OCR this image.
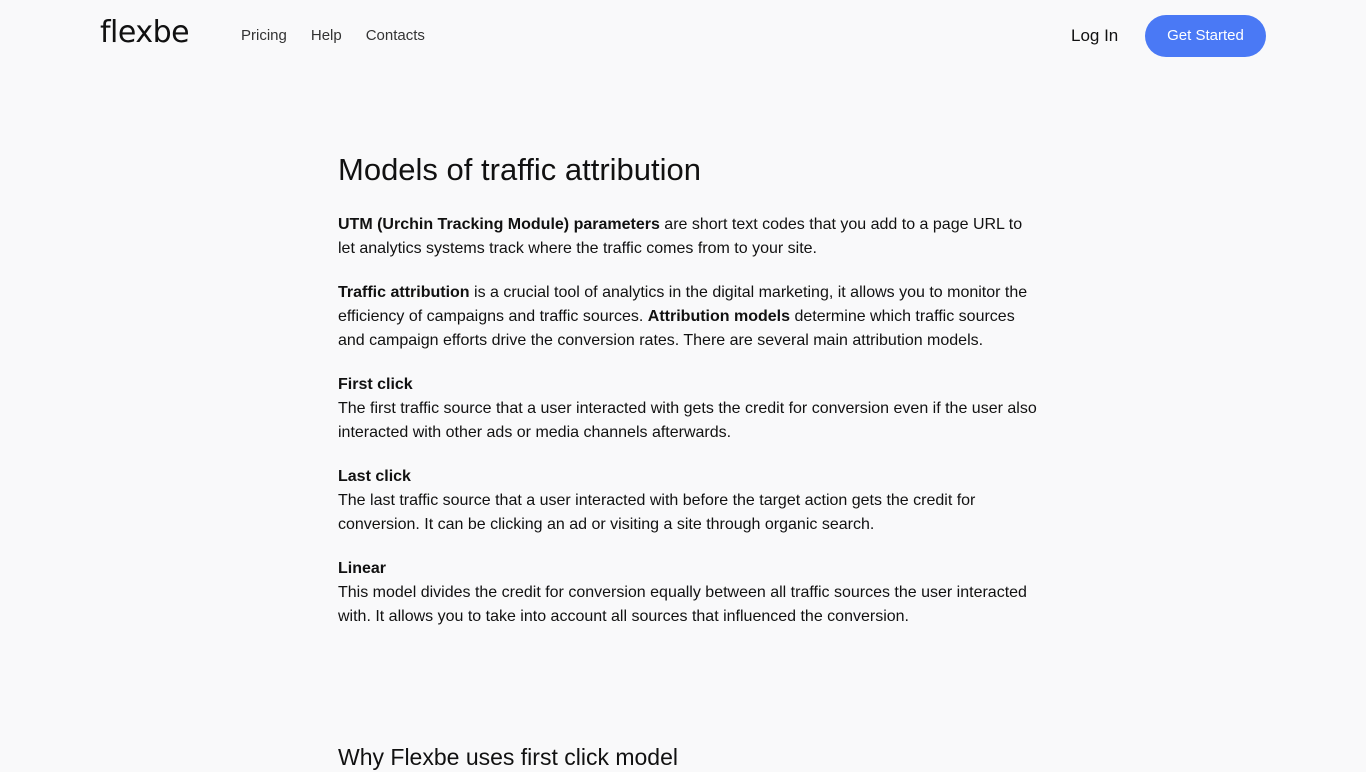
flexbe	Pricing Help Contacts	Log In	Get Started
Models of traffic attribution

UTM (Urchin Tracking Module) parameters are short text codes that you add to a page URL to let analytics systems track where the traffic comes from to your site.

Traffic attribution is a crucial tool of analytics in the digital marketing, it allows you to monitor the efficiency of campaigns and traffic sources. Attribution models determine which traffic sources and campaign efforts drive the conversion rates. There are several main attribution models.

First click
The first traffic source that a user interacted with gets the credit for conversion even if the user also interacted with other ads or media channels afterwards.

Last click
The last traffic source that a user interacted with before the target action gets the credit for conversion. It can be clicking an ad or visiting a site through organic search.

Linear
This model divides the credit for conversion equally between all traffic sources the user interacted with. It allows you to take into account all sources that influenced the conversion.

Why Flexbe uses first click model
